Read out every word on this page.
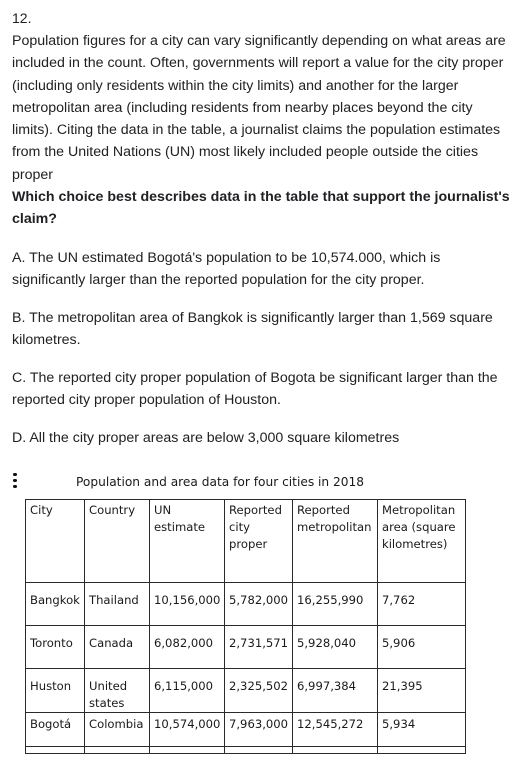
12.
Population figures for a city can vary significantly depending on what areas are included in the count. Often, governments will report a value for the city proper (including only residents within the city limits) and another for the larger metropolitan area (including residents from nearby places beyond the city limits). Citing the data in the table, a journalist claims the population estimates from the United Nations (UN) most likely included people outside the cities proper
Which choice best describes data in the table that support the journalist's claim?
A. The UN estimated Bogotá's population to be 10,574.000, which is significantly larger than the reported population for the city proper.
B. The metropolitan area of Bangkok is significantly larger than 1,569 square kilometres.
C. The reported city proper population of Bogota be significant larger than the reported city proper population of Houston.
D. All the city proper areas are below 3,000 square kilometres
Population and area data for four cities in 2018
City	Country	UN estimate	Reported city proper	Reported metropolitan	Metropolitan area (square kilometres)
Bangkok	Thailand	10,156,000	5,782,000	16,255,990	7,762
Toronto	Canada	6,082,000	2,731,571	5,928,040	5,906
Huston	United states	6,115,000	2,325,502	6,997,384	21,395
Bogotá	Colombia	10,574,000	7,963,000	12,545,272	5,934
